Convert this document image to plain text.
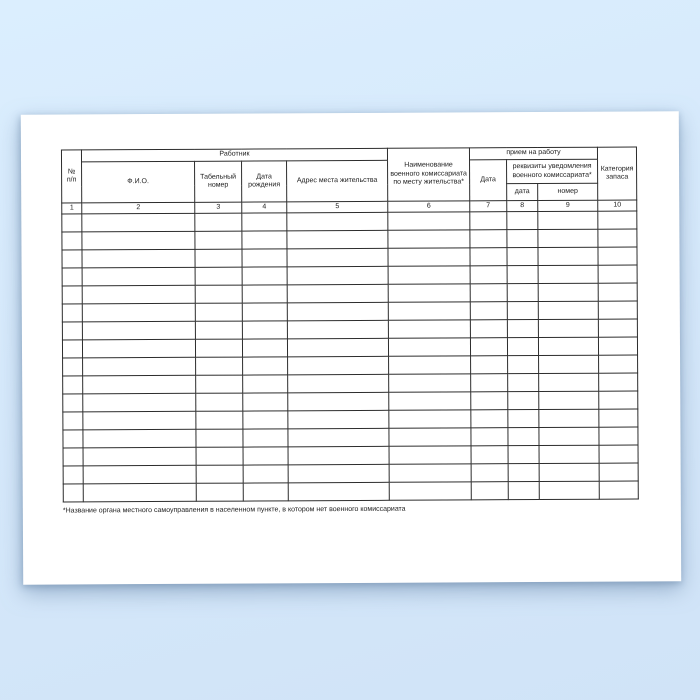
№ п/п	Работник				Наименование военного комиссариата по месту жительства*	прием на работу			Категория запаса
	Ф.И.О.	Табельный номер	Дата рождения	Адрес места жительства		Дата	реквизиты уведомления военного комиссариата*		
							дата	номер	
1	2	3	4	5	6	7	8	9	10

*Название органа местного самоуправления в населенном пункте, в котором нет военного комиссариата
